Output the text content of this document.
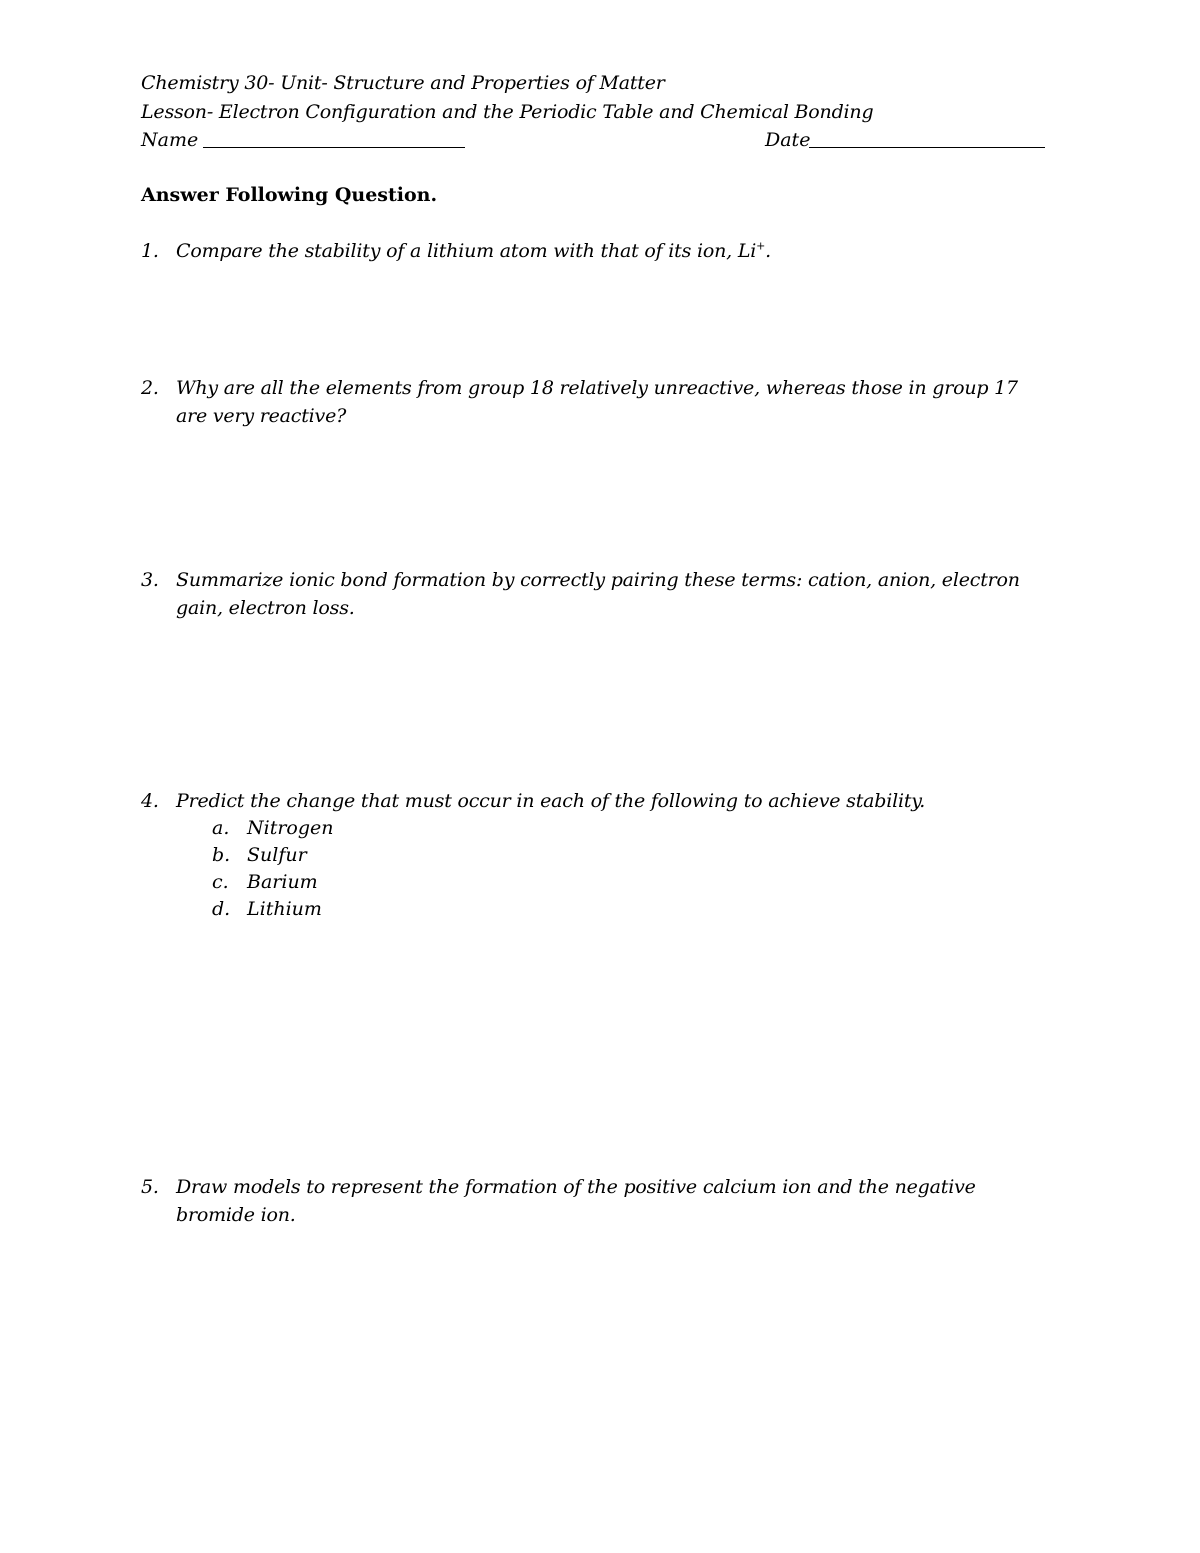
Chemistry 30- Unit- Structure and Properties of Matter
Lesson- Electron Configuration and the Periodic Table and Chemical Bonding
Name	Date
Answer Following Question.
1. Compare the stability of a lithium atom with that of its ion, Li+.
2. Why are all the elements from group 18 relatively unreactive, whereas those in group 17 are very reactive?
3. Summarize ionic bond formation by correctly pairing these terms: cation, anion, electron gain, electron loss.
4. Predict the change that must occur in each of the following to achieve stability.
a. Nitrogen
b. Sulfur
c. Barium
d. Lithium
5. Draw models to represent the formation of the positive calcium ion and the negative bromide ion.
